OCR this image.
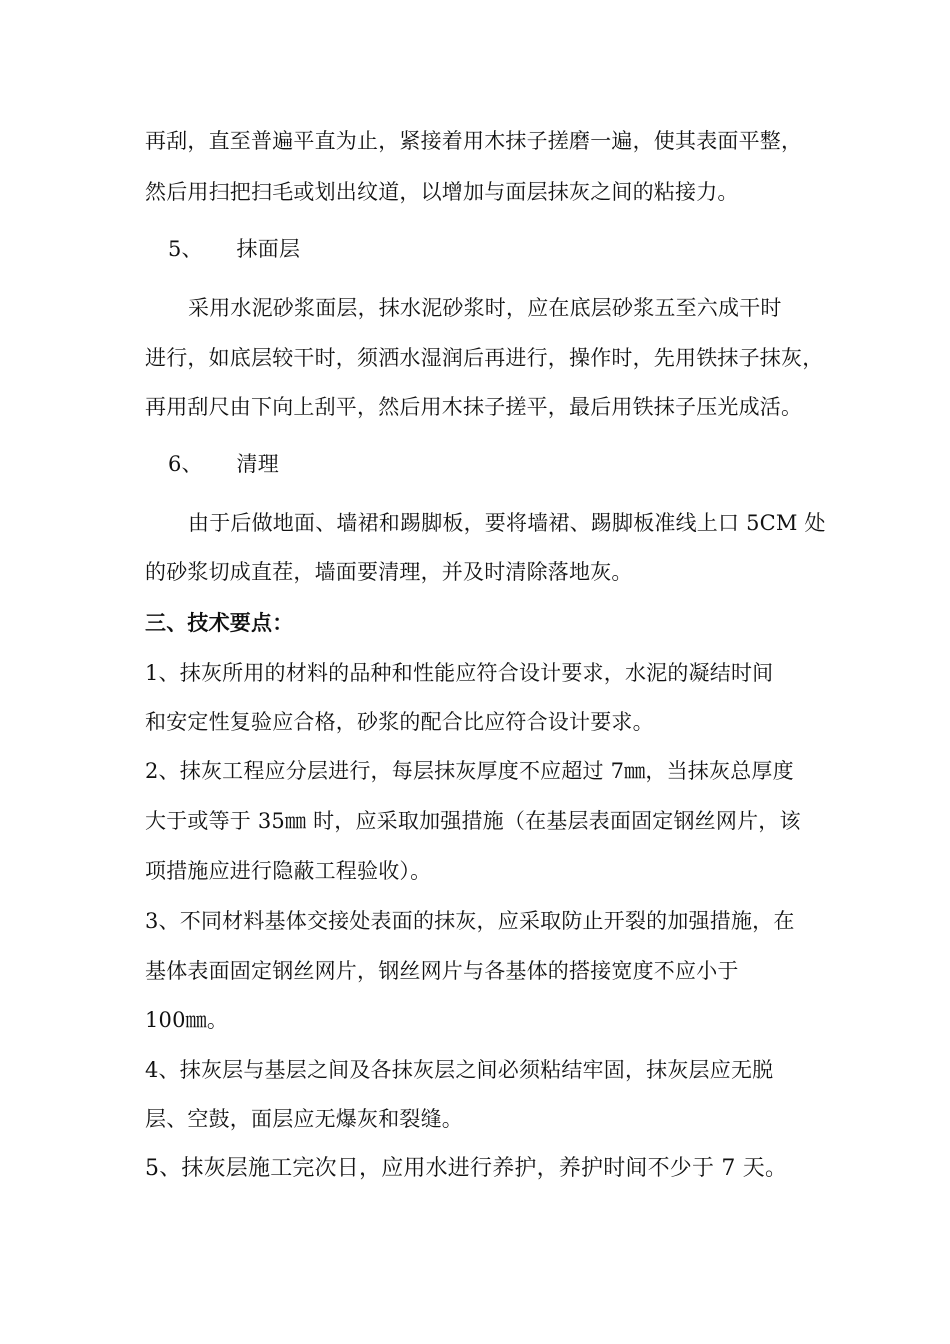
再刮，直至普遍平直为止，紧接着用木抹子搓磨一遍，使其表面平整，
然后用扫把扫毛或划出纹道，以增加与面层抹灰之间的粘接力。
5、 抹面层
采用水泥砂浆面层，抹水泥砂浆时，应在底层砂浆五至六成干时
进行，如底层较干时，须洒水湿润后再进行，操作时，先用铁抹子抹灰，
再用刮尺由下向上刮平，然后用木抹子搓平，最后用铁抹子压光成活。
6、 清理
由于后做地面、墙裙和踢脚板，要将墙裙、踢脚板准线上口 5CM 处
的砂浆切成直茬，墙面要清理，并及时清除落地灰。
三、技术要点：
1、抹灰所用的材料的品种和性能应符合设计要求，水泥的凝结时间
和安定性复验应合格，砂浆的配合比应符合设计要求。
2、抹灰工程应分层进行，每层抹灰厚度不应超过 7㎜，当抹灰总厚度
大于或等于 35㎜ 时，应采取加强措施（在基层表面固定钢丝网片，该
项措施应进行隐蔽工程验收）。
3、不同材料基体交接处表面的抹灰，应采取防止开裂的加强措施，在
基体表面固定钢丝网片，钢丝网片与各基体的搭接宽度不应小于
100㎜。
4、抹灰层与基层之间及各抹灰层之间必须粘结牢固，抹灰层应无脱
层、空鼓，面层应无爆灰和裂缝。
5、抹灰层施工完次日，应用水进行养护，养护时间不少于 7 天。
